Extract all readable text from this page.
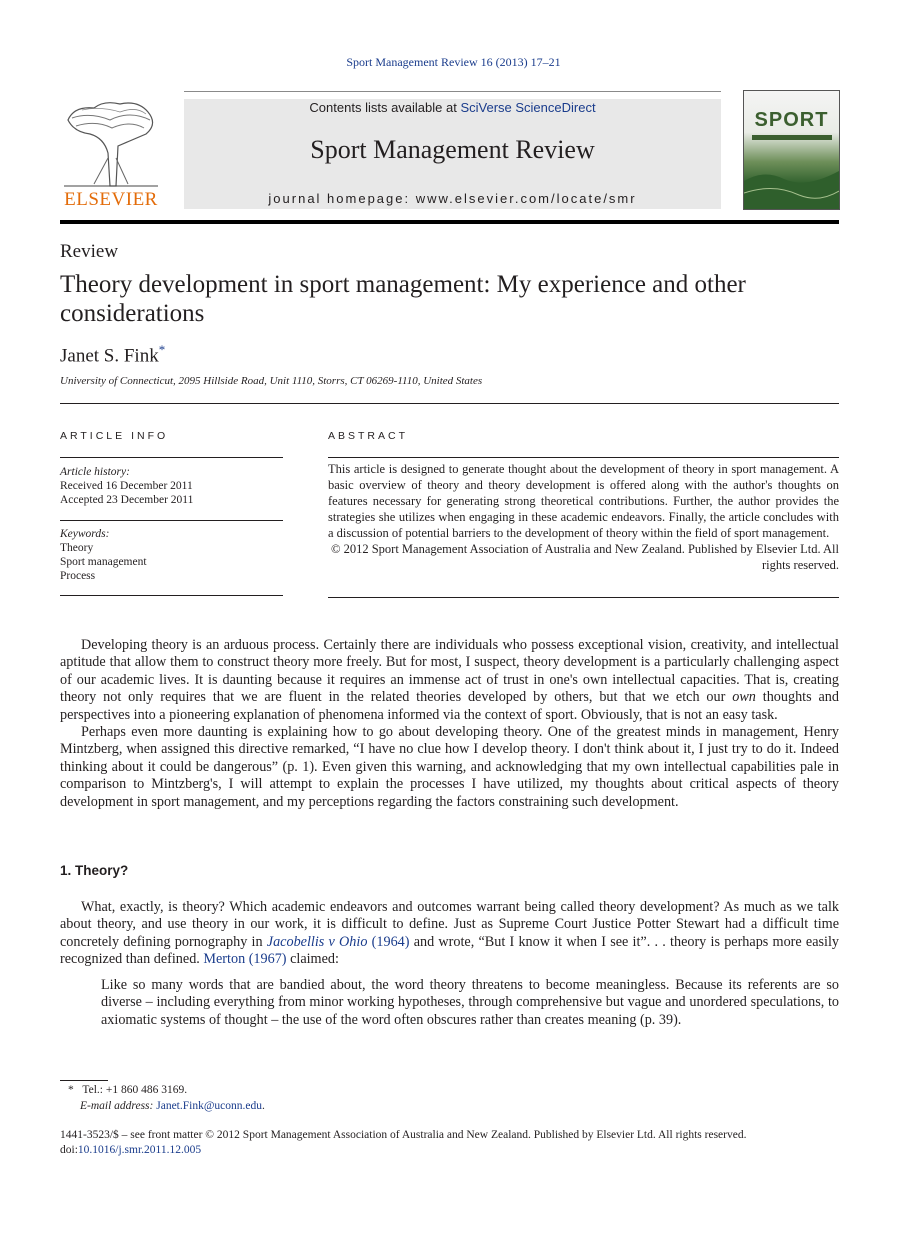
Sport Management Review 16 (2013) 17–21
ELSEVIER
Contents lists available at SciVerse ScienceDirect
Sport Management Review
journal homepage: www.elsevier.com/locate/smr
SPORT
Review
Theory development in sport management: My experience and other considerations
Janet S. Fink*
University of Connecticut, 2095 Hillside Road, Unit 1110, Storrs, CT 06269-1110, United States
ARTICLE INFO
Article history:
Received 16 December 2011
Accepted 23 December 2011
Keywords:
Theory
Sport management
Process
ABSTRACT
This article is designed to generate thought about the development of theory in sport management. A basic overview of theory and theory development is offered along with the author's thoughts on features necessary for generating strong theoretical contributions. Further, the author provides the strategies she utilizes when engaging in these academic endeavors. Finally, the article concludes with a discussion of potential barriers to the development of theory within the field of sport management.
© 2012 Sport Management Association of Australia and New Zealand. Published by Elsevier Ltd. All rights reserved.

Developing theory is an arduous process. Certainly there are individuals who possess exceptional vision, creativity, and intellectual aptitude that allow them to construct theory more freely. But for most, I suspect, theory development is a particularly challenging aspect of our academic lives. It is daunting because it requires an immense act of trust in one's own intellectual capacities. That is, creating theory not only requires that we are fluent in the related theories developed by others, but that we etch our own thoughts and perspectives into a pioneering explanation of phenomena informed via the context of sport. Obviously, that is not an easy task.

Perhaps even more daunting is explaining how to go about developing theory. One of the greatest minds in management, Henry Mintzberg, when assigned this directive remarked, “I have no clue how I develop theory. I don't think about it, I just try to do it. Indeed thinking about it could be dangerous” (p. 1). Even given this warning, and acknowledging that my own intellectual capabilities pale in comparison to Mintzberg's, I will attempt to explain the processes I have utilized, my thoughts about critical aspects of theory development in sport management, and my perceptions regarding the factors constraining such development.

1. Theory?

What, exactly, is theory? Which academic endeavors and outcomes warrant being called theory development? As much as we talk about theory, and use theory in our work, it is difficult to define. Just as Supreme Court Justice Potter Stewart had a difficult time concretely defining pornography in Jacobellis v Ohio (1964) and wrote, “But I know it when I see it”. . . theory is perhaps more easily recognized than defined. Merton (1967) claimed:

Like so many words that are bandied about, the word theory threatens to become meaningless. Because its referents are so diverse – including everything from minor working hypotheses, through comprehensive but vague and unordered speculations, to axiomatic systems of thought – the use of the word often obscures rather than creates meaning (p. 39).
* Tel.: +1 860 486 3169.
E-mail address: Janet.Fink@uconn.edu.
1441-3523/$ – see front matter © 2012 Sport Management Association of Australia and New Zealand. Published by Elsevier Ltd. All rights reserved.
doi:10.1016/j.smr.2011.12.005
